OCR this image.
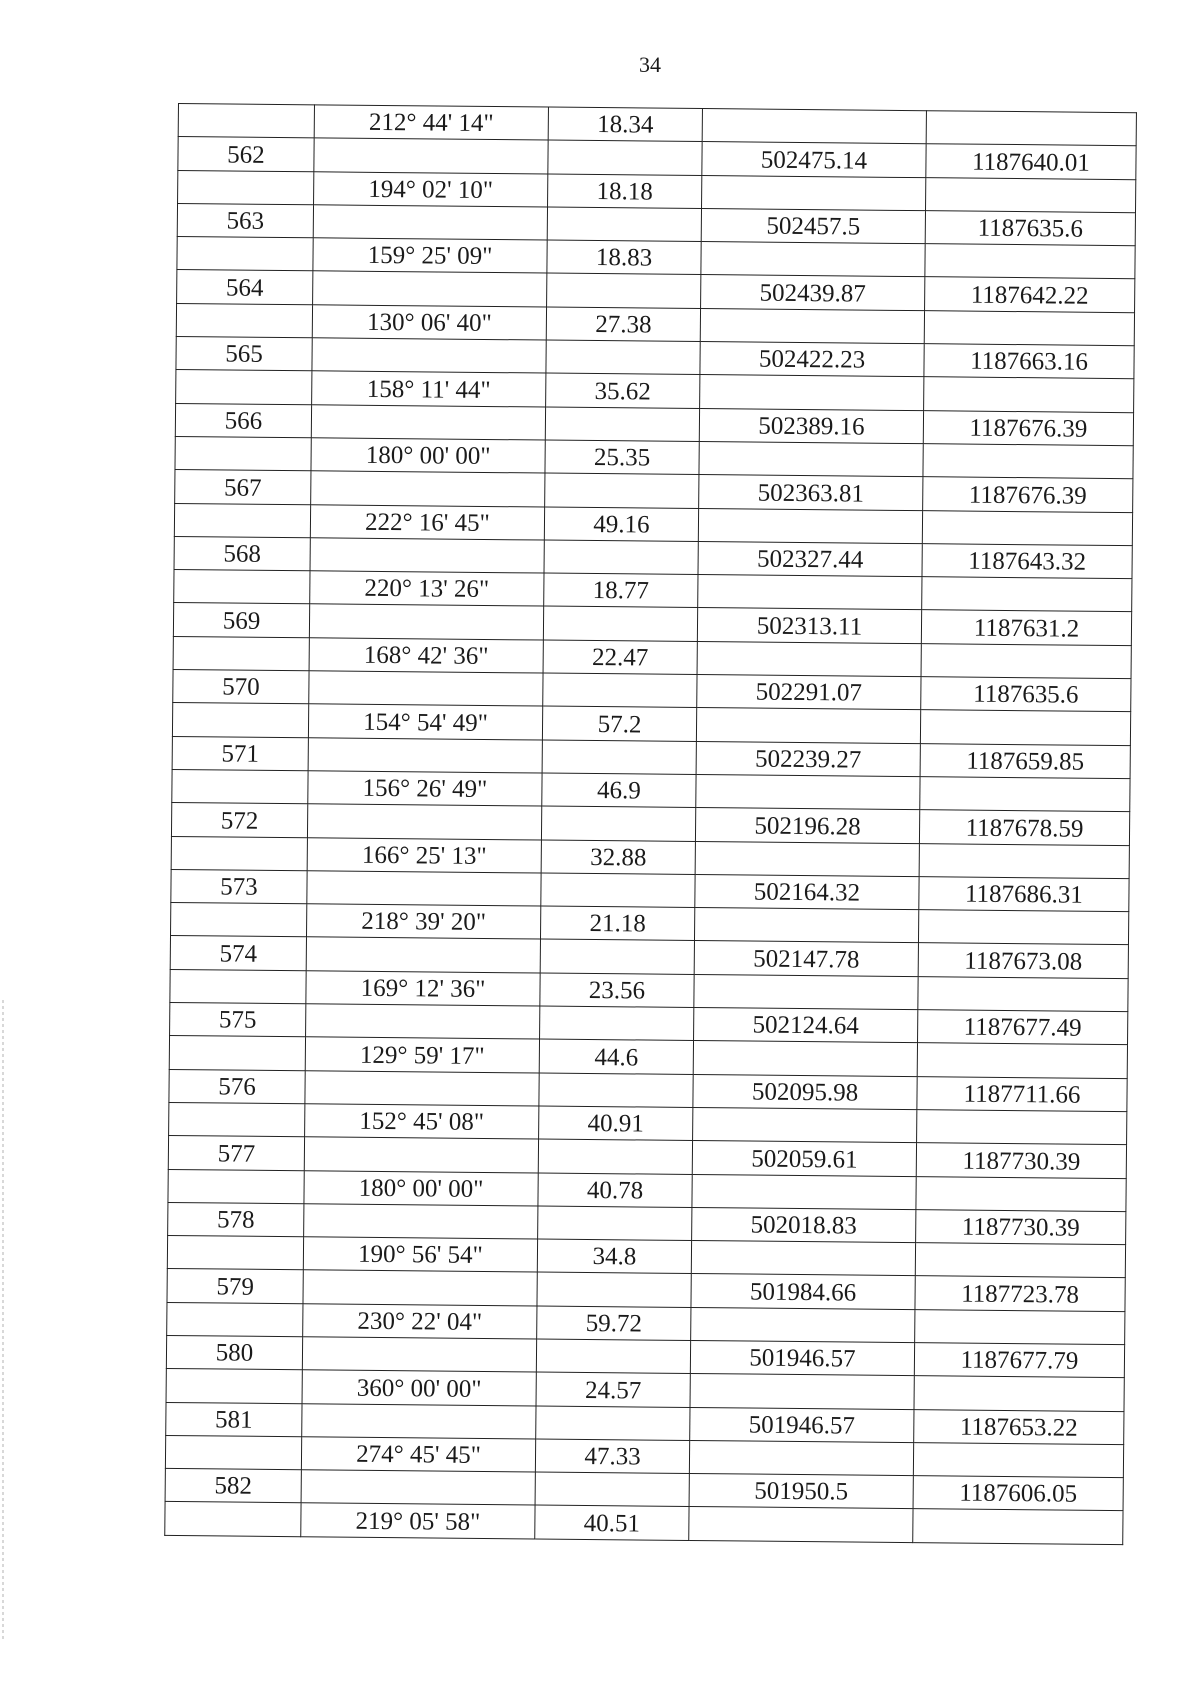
34
	212° 44' 14"	18.34		
562			502475.14	1187640.01
	194° 02' 10"	18.18		
563			502457.5	1187635.6
	159° 25' 09"	18.83		
564			502439.87	1187642.22
	130° 06' 40"	27.38		
565			502422.23	1187663.16
	158° 11' 44"	35.62		
566			502389.16	1187676.39
	180° 00' 00"	25.35		
567			502363.81	1187676.39
	222° 16' 45"	49.16		
568			502327.44	1187643.32
	220° 13' 26"	18.77		
569			502313.11	1187631.2
	168° 42' 36"	22.47		
570			502291.07	1187635.6
	154° 54' 49"	57.2		
571			502239.27	1187659.85
	156° 26' 49"	46.9		
572			502196.28	1187678.59
	166° 25' 13"	32.88		
573			502164.32	1187686.31
	218° 39' 20"	21.18		
574			502147.78	1187673.08
	169° 12' 36"	23.56		
575			502124.64	1187677.49
	129° 59' 17"	44.6		
576			502095.98	1187711.66
	152° 45' 08"	40.91		
577			502059.61	1187730.39
	180° 00' 00"	40.78		
578			502018.83	1187730.39
	190° 56' 54"	34.8		
579			501984.66	1187723.78
	230° 22' 04"	59.72		
580			501946.57	1187677.79
	360° 00' 00"	24.57		
581			501946.57	1187653.22
	274° 45' 45"	47.33		
582			501950.5	1187606.05
	219° 05' 58"	40.51		
